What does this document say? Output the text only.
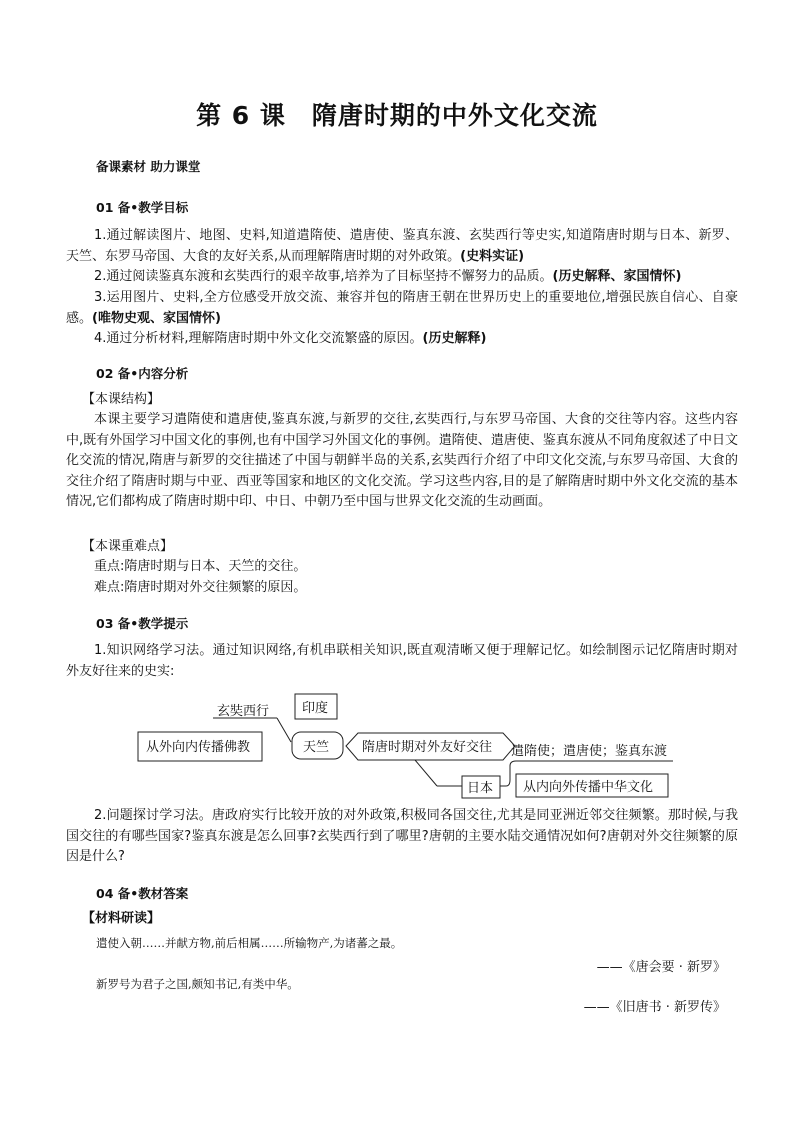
第 6 课　隋唐时期的中外文化交流
备课素材 助力课堂
01 备•教学目标
1.通过解读图片、地图、史料,知道遣隋使、遣唐使、鉴真东渡、玄奘西行等史实,知道隋唐时期与日本、新罗、天竺、东罗马帝国、大食的友好关系,从而理解隋唐时期的对外政策。(史料实证)
2.通过阅读鉴真东渡和玄奘西行的艰辛故事,培养为了目标坚持不懈努力的品质。(历史解释、家国情怀)
3.运用图片、史料,全方位感受开放交流、兼容并包的隋唐王朝在世界历史上的重要地位,增强民族自信心、自豪感。(唯物史观、家国情怀)
4.通过分析材料,理解隋唐时期中外文化交流繁盛的原因。(历史解释)
02 备•内容分析
【本课结构】
本课主要学习遣隋使和遣唐使,鉴真东渡,与新罗的交往,玄奘西行,与东罗马帝国、大食的交往等内容。这些内容中,既有外国学习中国文化的事例,也有中国学习外国文化的事例。遣隋使、遣唐使、鉴真东渡从不同角度叙述了中日文化交流的情况,隋唐与新罗的交往描述了中国与朝鲜半岛的关系,玄奘西行介绍了中印文化交流,与东罗马帝国、大食的交往介绍了隋唐时期与中亚、西亚等国家和地区的文化交流。学习这些内容,目的是了解隋唐时期中外文化交流的基本情况,它们都构成了隋唐时期中印、中日、中朝乃至中国与世界文化交流的生动画面。
【本课重难点】
重点:隋唐时期与日本、天竺的交往。
难点:隋唐时期对外交往频繁的原因。
03 备•教学提示
1.知识网络学习法。通过知识网络,有机串联相关知识,既直观清晰又便于理解记忆。如绘制图示记忆隋唐时期对外友好往来的史实:
玄奘西行
从外向内传播佛教
印度
天竺	隋唐时期对外友好交往
日本
遣隋使；遣唐使；鉴真东渡
从内向外传播中华文化
2.问题探讨学习法。唐政府实行比较开放的对外政策,积极同各国交往,尤其是同亚洲近邻交往频繁。那时候,与我国交往的有哪些国家?鉴真东渡是怎么回事?玄奘西行到了哪里?唐朝的主要水陆交通情况如何?唐朝对外交往频繁的原因是什么?
04 备•教材答案
【材料研读】
遣使入朝……并献方物,前后相属……所输物产,为诸蕃之最。
——《唐会要 · 新罗》
新罗号为君子之国,颇知书记,有类中华。
——《旧唐书 · 新罗传》
